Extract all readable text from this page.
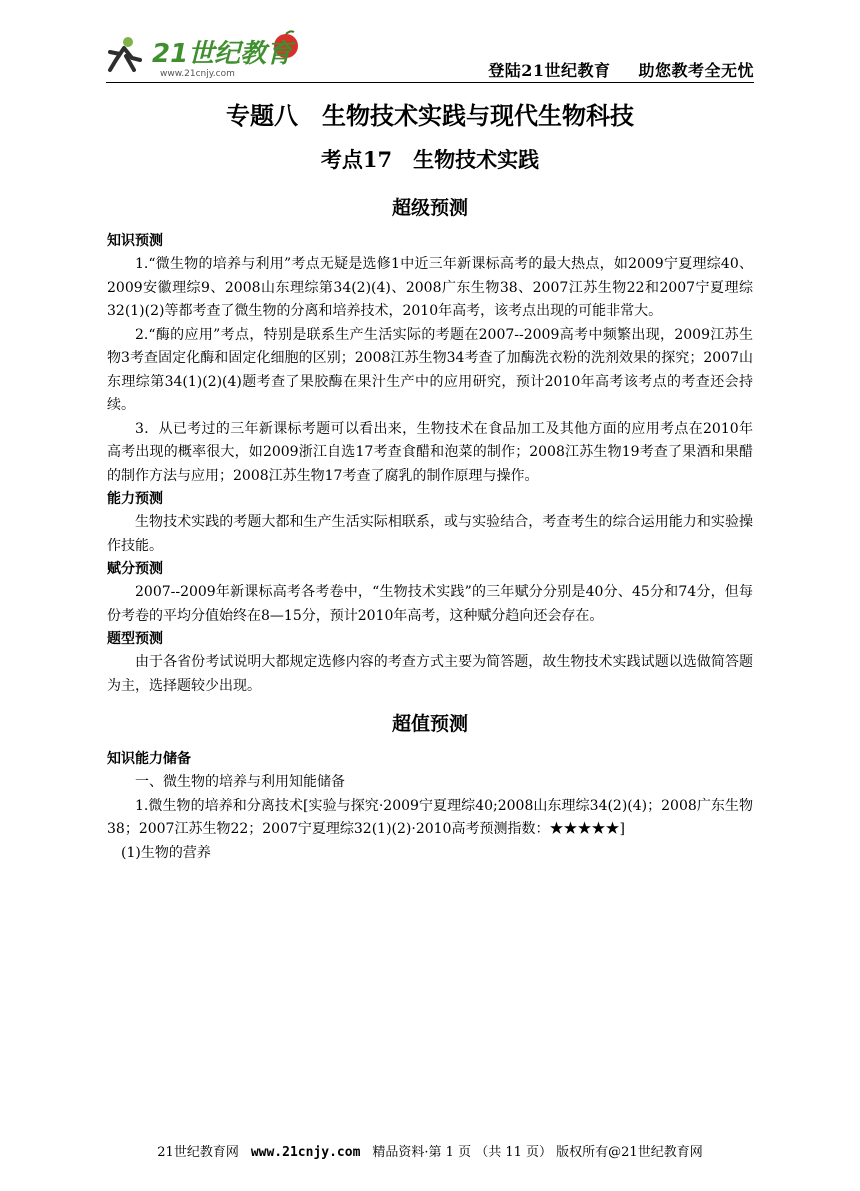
21世纪教育
www.21cnjy.com	登陆21世纪教育 助您教考全无忧
专题八　生物技术实践与现代生物科技
考点17　生物技术实践
超级预测

知识预测

1.“微生物的培养与利用”考点无疑是选修1中近三年新课标高考的最大热点，如2009宁夏理综40、2009安徽理综9、2008山东理综第34(2)(4)、2008广东生物38、2007江苏生物22和2007宁夏理综32(1)(2)等都考查了微生物的分离和培养技术，2010年高考，该考点出现的可能非常大。

2.“酶的应用”考点，特别是联系生产生活实际的考题在2007--2009高考中频繁出现，2009江苏生物3考查固定化酶和固定化细胞的区别；2008江苏生物34考查了加酶洗衣粉的洗剂效果的探究；2007山东理综第34(1)(2)(4)题考查了果胶酶在果汁生产中的应用研究，预计2010年高考该考点的考查还会持续。

3．从已考过的三年新课标考题可以看出来，生物技术在食品加工及其他方面的应用考点在2010年高考出现的概率很大，如2009浙江自选17考查食醋和泡菜的制作；2008江苏生物19考查了果酒和果醋的制作方法与应用；2008江苏生物17考查了腐乳的制作原理与操作。

能力预测

生物技术实践的考题大都和生产生活实际相联系，或与实验结合，考查考生的综合运用能力和实验操作技能。

赋分预测

2007--2009年新课标高考各考卷中，“生物技术实践”的三年赋分分别是40分、45分和74分，但每份考卷的平均分值始终在8—15分，预计2010年高考，这种赋分趋向还会存在。

题型预测

由于各省份考试说明大都规定选修内容的考查方式主要为简答题，故生物技术实践试题以选做简答题为主，选择题较少出现。

超值预测

知识能力储备

一、微生物的培养与利用知能储备

1.微生物的培养和分离技术[实验与探究·2009宁夏理综40;2008山东理综34(2)(4)；2008广东生物38；2007江苏生物22；2007宁夏理综32(1)(2)·2010高考预测指数：★★★★★]

(1)生物的营养

21世纪教育网 www.21cnjy.com 精品资料·第 1 页 （共 11 页） 版权所有@21世纪教育网
